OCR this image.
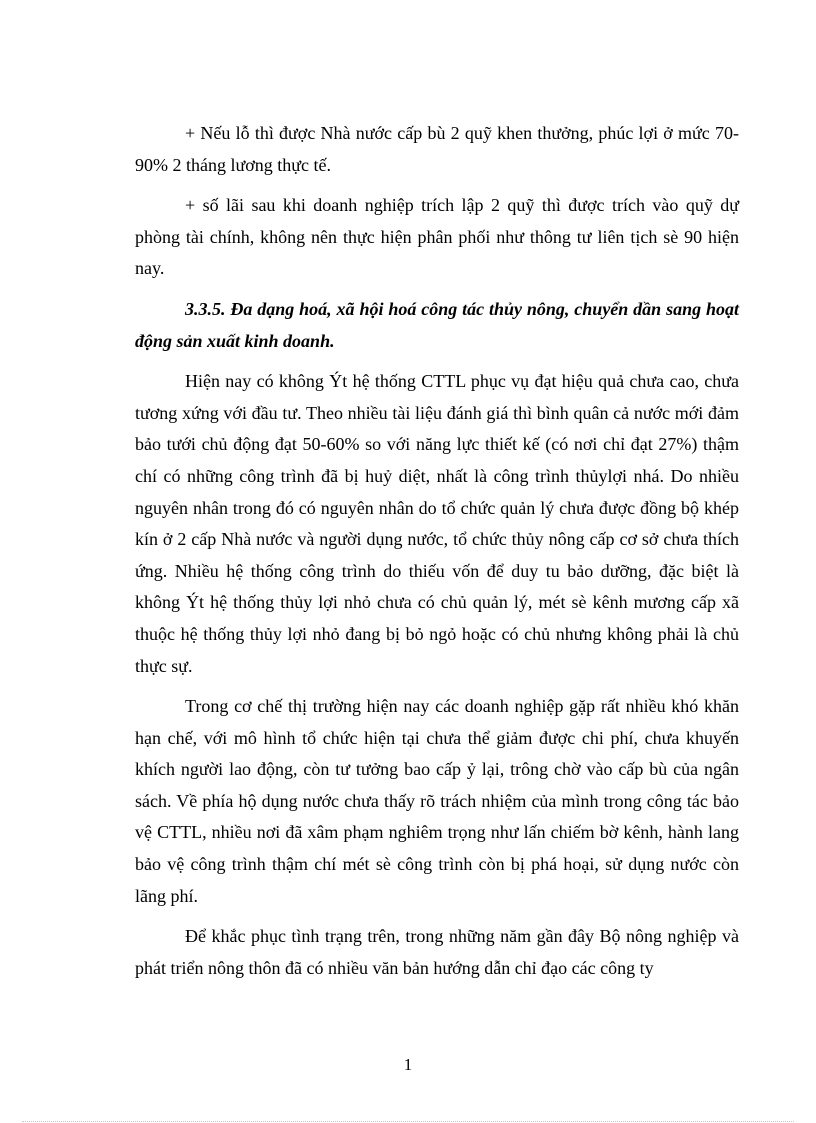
+ Nếu lỗ thì được Nhà nước cấp bù 2 quỹ khen thưởng, phúc lợi ở mức 70-90% 2 tháng lương thực tế.

+ số lãi sau khi doanh nghiệp trích lập 2 quỹ thì được trích vào quỹ dự phòng tài chính, không nên thực hiện phân phối như thông tư liên tịch sè 90 hiện nay.

3.3.5. Đa dạng hoá, xã hội hoá công tác thủy nông, chuyển dần sang hoạt động sản xuất kinh doanh.

Hiện nay có không Ýt hệ thống CTTL phục vụ đạt hiệu quả chưa cao, chưa tương xứng với đầu tư. Theo nhiều tài liệu đánh giá thì bình quân cả nước mới đảm bảo tưới chủ động đạt 50-60% so với năng lực thiết kế (có nơi chỉ đạt 27%) thậm chí có những công trình đã bị huỷ diệt, nhất là công trình thủylợi nhá. Do nhiều nguyên nhân trong đó có nguyên nhân do tổ chức quản lý chưa được đồng bộ khép kín ở 2 cấp Nhà nước và người dụng nước, tổ chức thủy nông cấp cơ sở chưa thích ứng. Nhiều hệ thống công trình do thiếu vốn để duy tu bảo dưỡng, đặc biệt là không Ýt hệ thống thủy lợi nhỏ chưa có chủ quản lý, mét sè kênh mương cấp xã thuộc hệ thống thủy lợi nhỏ đang bị bỏ ngỏ hoặc có chủ nhưng không phải là chủ thực sự.

Trong cơ chế thị trường hiện nay các doanh nghiệp gặp rất nhiều khó khăn hạn chế, với mô hình tổ chức hiện tại chưa thể giảm được chi phí, chưa khuyến khích người lao động, còn tư tưởng bao cấp ỷ lại, trông chờ vào cấp bù của ngân sách. Về phía hộ dụng nước chưa thấy rõ trách nhiệm của mình trong công tác bảo vệ CTTL, nhiều nơi đã xâm phạm nghiêm trọng như lấn chiếm bờ kênh, hành lang bảo vệ công trình thậm chí mét sè công trình còn bị phá hoại, sử dụng nước còn lãng phí.

Để khắc phục tình trạng trên, trong những năm gần đây Bộ nông nghiệp và phát triển nông thôn đã có nhiều văn bản hướng dẫn chỉ đạo các công ty

1
